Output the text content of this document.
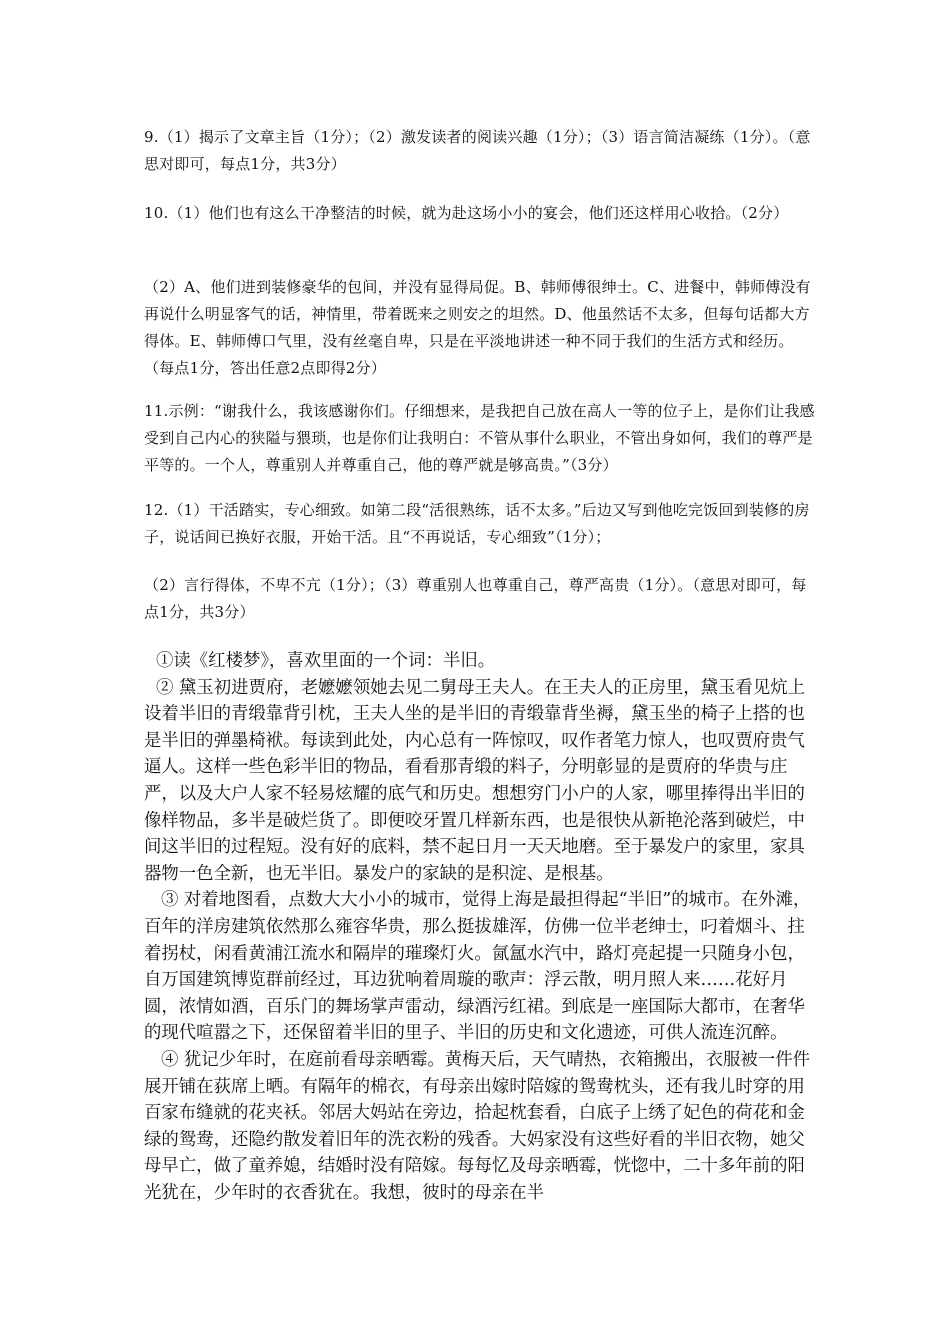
9.（1）揭示了文章主旨（1分）；（2）激发读者的阅读兴趣（1分）；（3）语言简洁凝练（1分）。（意思对即可，每点1分，共3分）

10.（1）他们也有这么干净整洁的时候，就为赴这场小小的宴会，他们还这样用心收拾。（2分）

（2）A、他们进到装修豪华的包间，并没有显得局促。B、韩师傅很绅士。C、进餐中，韩师傅没有再说什么明显客气的话，神情里，带着既来之则安之的坦然。D、他虽然话不太多，但每句话都大方得体。E、韩师傅口气里，没有丝毫自卑，只是在平淡地讲述一种不同于我们的生活方式和经历。（每点1分，答出任意2点即得2分）

11.示例：“谢我什么，我该感谢你们。仔细想来，是我把自己放在高人一等的位子上，是你们让我感受到自己内心的狭隘与猥琐，也是你们让我明白：不管从事什么职业，不管出身如何，我们的尊严是平等的。一个人，尊重别人并尊重自己，他的尊严就是够高贵。”（3分）

12.（1）干活踏实，专心细致。如第二段“活很熟练，话不太多。”后边又写到他吃完饭回到装修的房子，说话间已换好衣服，开始干活。且“不再说话，专心细致”（1分）；

（2）言行得体，不卑不亢（1分）；（3）尊重别人也尊重自己，尊严高贵（1分）。（意思对即可，每点1分，共3分）

①读《红楼梦》，喜欢里面的一个词：半旧。

② 黛玉初进贾府，老嬷嬷领她去见二舅母王夫人。在王夫人的正房里，黛玉看见炕上设着半旧的青缎靠背引枕，王夫人坐的是半旧的青缎靠背坐褥，黛玉坐的椅子上搭的也是半旧的弹墨椅袱。每读到此处，内心总有一阵惊叹，叹作者笔力惊人，也叹贾府贵气逼人。这样一些色彩半旧的物品，看看那青缎的料子，分明彰显的是贾府的华贵与庄严，以及大户人家不轻易炫耀的底气和历史。想想穷门小户的人家，哪里捧得出半旧的像样物品，多半是破烂货了。即便咬牙置几样新东西，也是很快从新艳沦落到破烂，中间这半旧的过程短。没有好的底料，禁不起日月一天天地磨。至于暴发户的家里，家具器物一色全新，也无半旧。暴发户的家缺的是积淀、是根基。

③ 对着地图看，点数大大小小的城市，觉得上海是最担得起“半旧”的城市。在外滩，百年的洋房建筑依然那么雍容华贵，那么挺拔雄浑，仿佛一位半老绅士，叼着烟斗、拄着拐杖，闲看黄浦江流水和隔岸的璀璨灯火。氤氲水汽中，路灯亮起提一只随身小包，自万国建筑博览群前经过，耳边犹响着周璇的歌声：浮云散，明月照人来……花好月圆，浓情如酒，百乐门的舞场掌声雷动，绿酒污红裙。到底是一座国际大都市，在奢华的现代喧嚣之下，还保留着半旧的里子、半旧的历史和文化遗迹，可供人流连沉醉。

④ 犹记少年时，在庭前看母亲晒霉。黄梅天后，天气晴热，衣箱搬出，衣服被一件件展开铺在荻席上晒。有隔年的棉衣，有母亲出嫁时陪嫁的鸳鸯枕头，还有我儿时穿的用百家布缝就的花夹袄。邻居大妈站在旁边，拾起枕套看，白底子上绣了妃色的荷花和金绿的鸳鸯，还隐约散发着旧年的洗衣粉的残香。大妈家没有这些好看的半旧衣物，她父母早亡，做了童养媳，结婚时没有陪嫁。每每忆及母亲晒霉，恍惚中，二十多年前的阳光犹在，少年时的衣香犹在。我想，彼时的母亲在半
